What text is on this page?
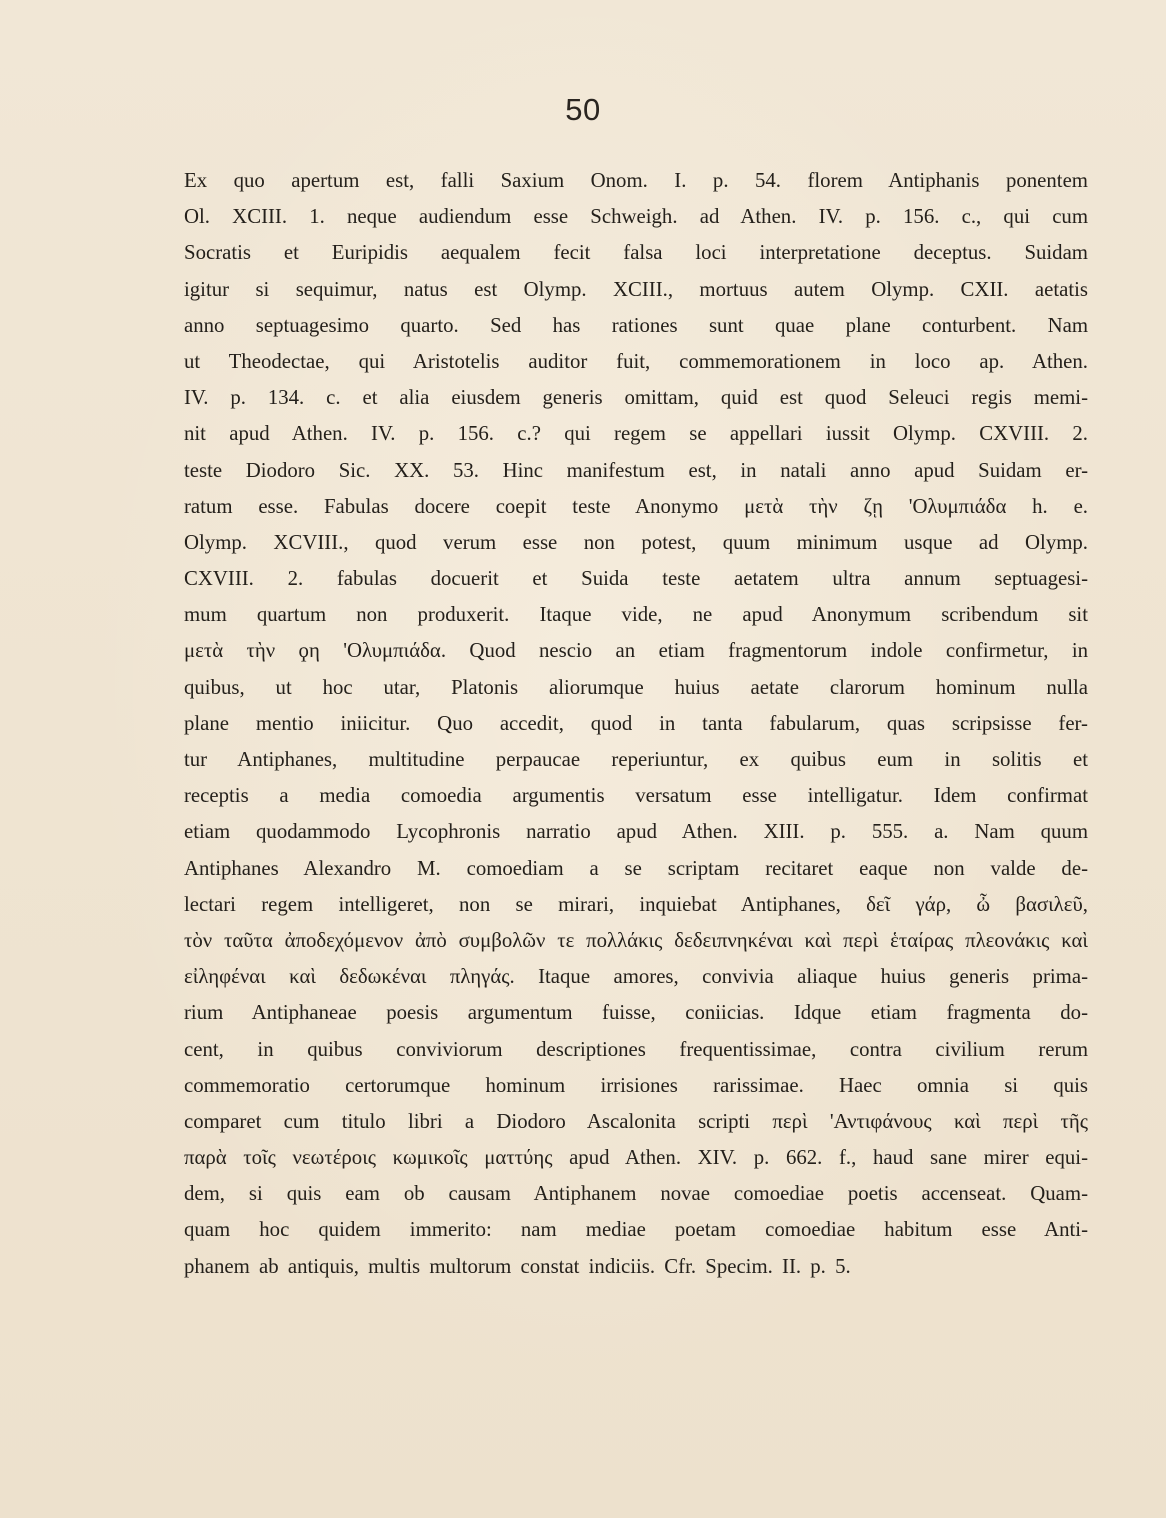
50
Ex quo apertum est, falli Saxium Onom. I. p. 54. florem Antiphanis ponentem
Ol. XCIII. 1. neque audiendum esse Schweigh. ad Athen. IV. p. 156. c., qui cum
Socratis et Euripidis aequalem fecit falsa loci interpretatione deceptus. Suidam
igitur si sequimur, natus est Olymp. XCIII., mortuus autem Olymp. CXII. aetatis
anno septuagesimo quarto. Sed has rationes sunt quae plane conturbent. Nam
ut Theodectae, qui Aristotelis auditor fuit, commemorationem in loco ap. Athen.
IV. p. 134. c. et alia eiusdem generis omittam, quid est quod Seleuci regis memi-
nit apud Athen. IV. p. 156. c.? qui regem se appellari iussit Olymp. CXVIII. 2.
teste Diodoro Sic. XX. 53. Hinc manifestum est, in natali anno apud Suidam er-
ratum esse. Fabulas docere coepit teste Anonymo μετὰ τὴν ζῃ 'Ολυμπιάδα h. e.
Olymp. XCVIII., quod verum esse non potest, quum minimum usque ad Olymp.
CXVIII. 2. fabulas docuerit et Suida teste aetatem ultra annum septuagesi-
mum quartum non produxerit. Itaque vide, ne apud Anonymum scribendum sit
μετὰ τὴν ϙη 'Ολυμπιάδα. Quod nescio an etiam fragmentorum indole confirmetur, in
quibus, ut hoc utar, Platonis aliorumque huius aetate clarorum hominum nulla
plane mentio iniicitur. Quo accedit, quod in tanta fabularum, quas scripsisse fer-
tur Antiphanes, multitudine perpaucae reperiuntur, ex quibus eum in solitis et
receptis a media comoedia argumentis versatum esse intelligatur. Idem confirmat
etiam quodammodo Lycophronis narratio apud Athen. XIII. p. 555. a. Nam quum
Antiphanes Alexandro M. comoediam a se scriptam recitaret eaque non valde de-
lectari regem intelligeret, non se mirari, inquiebat Antiphanes, δεῖ γάρ, ὦ βασιλεῦ,
τὸν ταῦτα ἀποδεχόμενον ἀπὸ συμβολῶν τε πολλάκις δεδειπνηκέναι καὶ περὶ ἑταίρας πλεονάκις καὶ
εἰληφέναι καὶ δεδωκέναι πληγάς. Itaque amores, convivia aliaque huius generis prima-
rium Antiphaneae poesis argumentum fuisse, coniicias. Idque etiam fragmenta do-
cent, in quibus conviviorum descriptiones frequentissimae, contra civilium rerum
commemoratio certorumque hominum irrisiones rarissimae. Haec omnia si quis
comparet cum titulo libri a Diodoro Ascalonita scripti περὶ 'Αντιφάνους καὶ περὶ τῆς
παρὰ τοῖς νεωτέροις κωμικοῖς ματτύης apud Athen. XIV. p. 662. f., haud sane mirer equi-
dem, si quis eam ob causam Antiphanem novae comoediae poetis accenseat. Quam-
quam hoc quidem immerito: nam mediae poetam comoediae habitum esse Anti-
phanem ab antiquis, multis multorum constat indiciis. Cfr. Specim. II. p. 5.
